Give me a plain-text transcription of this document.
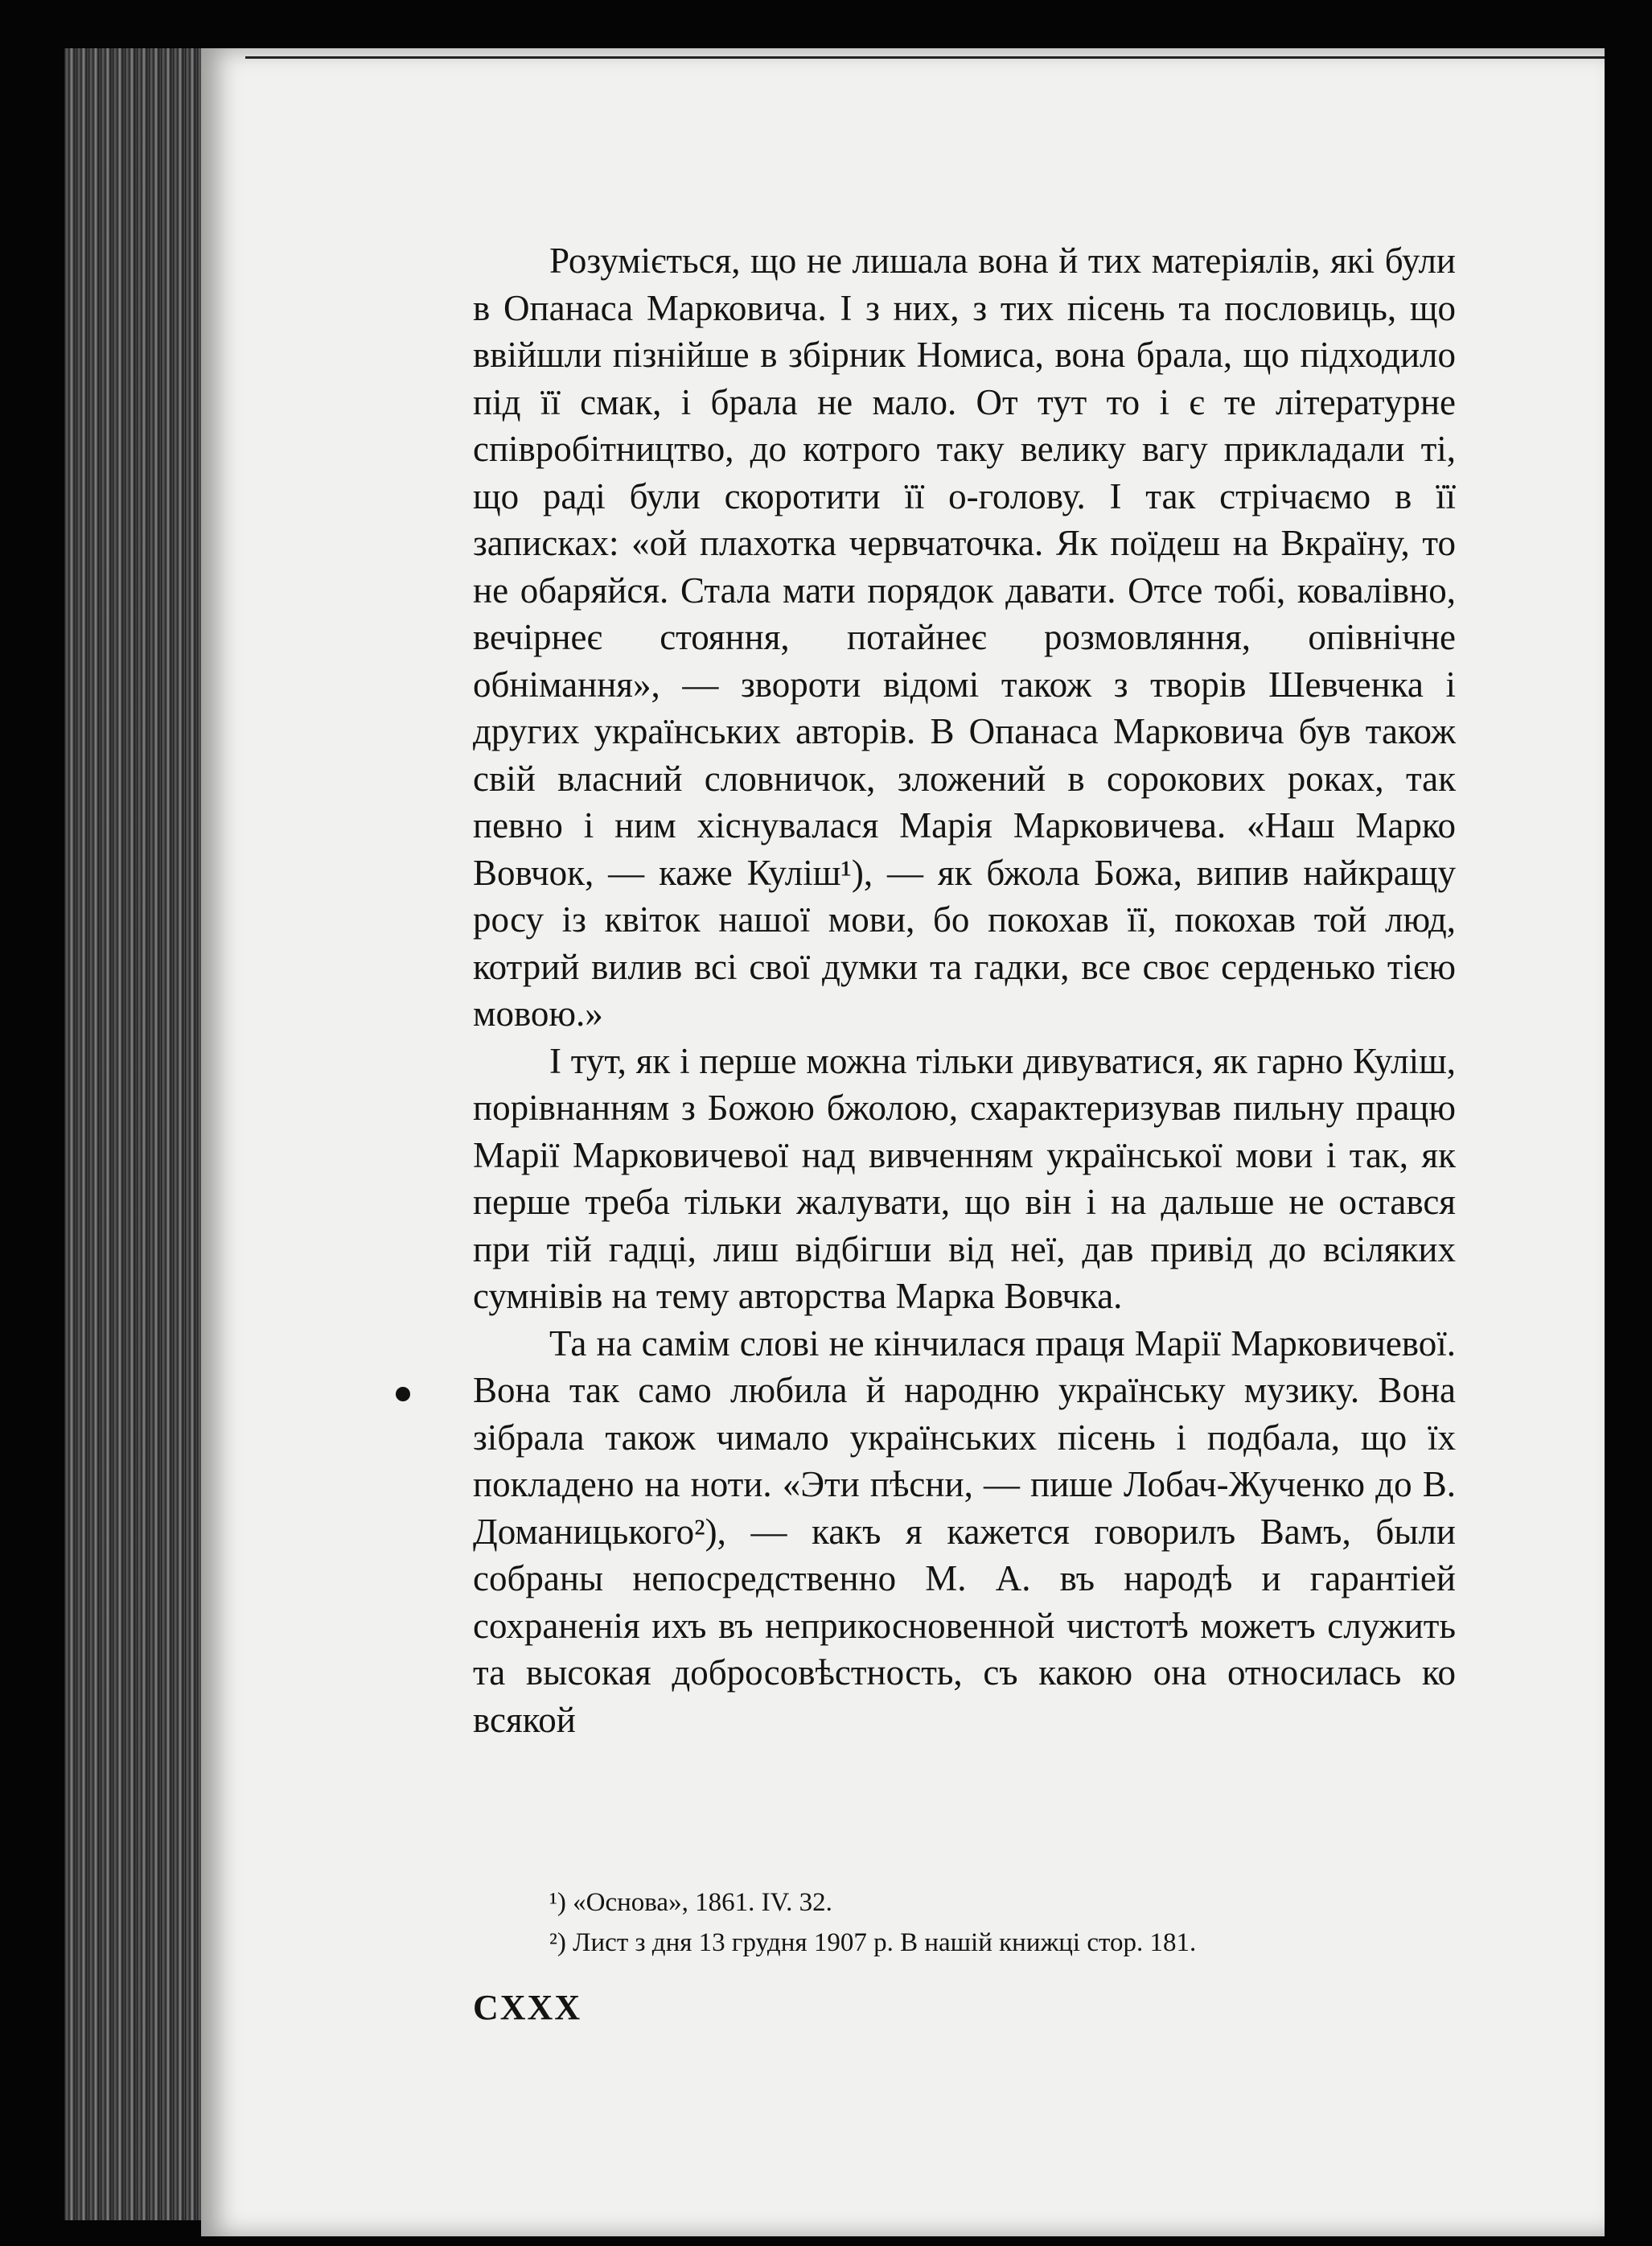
Розуміється, що не лишала вона й тих матеріялів, які були в Опанаса Марковича. І з них, з тих пісень та пословиць, що ввійшли пізнійше в збірник Номиса, вона брала, що підходило під її смак, і брала не мало. От тут то і є те літературне співробітництво, до котрого таку велику вагу прикладали ті, що раді були скоротити її о-голову. І так стрічаємо в її записках: «ой плахотка червчаточка. Як поїдеш на Вкраїну, то не обаряйся. Стала мати порядок давати. Отсе тобі, ковалівно, вечірнеє стояння, потайнеє розмовляння, опівнічне обнімання», — звороти відомі також з творів Шевченка і других українських авторів. В Опанаса Марковича був також свій власний словничок, зложений в сорокових роках, так певно і ним хіснувалася Марія Марковичева. «Наш Марко Вовчок, — каже Куліш¹), — як бжола Божа, випив найкращу росу із квіток нашої мови, бо покохав її, покохав той люд, котрий вилив всі свої думки та гадки, все своє серденько тією мовою.»

І тут, як і перше можна тільки дивуватися, як гарно Куліш, порівнанням з Божою бжолою, схарактеризував пильну працю Марії Марковичевої над вивченням української мови і так, як перше треба тільки жалувати, що він і на дальше не остався при тій гадці, лиш відбігши від неї, дав привід до всіляких сумнівів на тему авторства Марка Вовчка.

Та на самім слові не кінчилася праця Марії Марковичевої. Вона так само любила й народню українську музику. Вона зібрала також чимало українських пісень і подбала, що їх покладено на ноти. «Эти пѣсни, — пише Лобач-Жученко до В. Доманицького²), — какъ я кажется говорилъ Вамъ, были собраны непосредственно М. А. въ народѣ и гарантіей сохраненія ихъ въ неприкосновенной чистотѣ можетъ служить та высокая добросовѣстность, съ какою она относилась ко всякой

¹) «Основа», 1861. IV. 32.

²) Лист з дня 13 грудня 1907 р. В нашій книжці стор. 181.

CXXX
